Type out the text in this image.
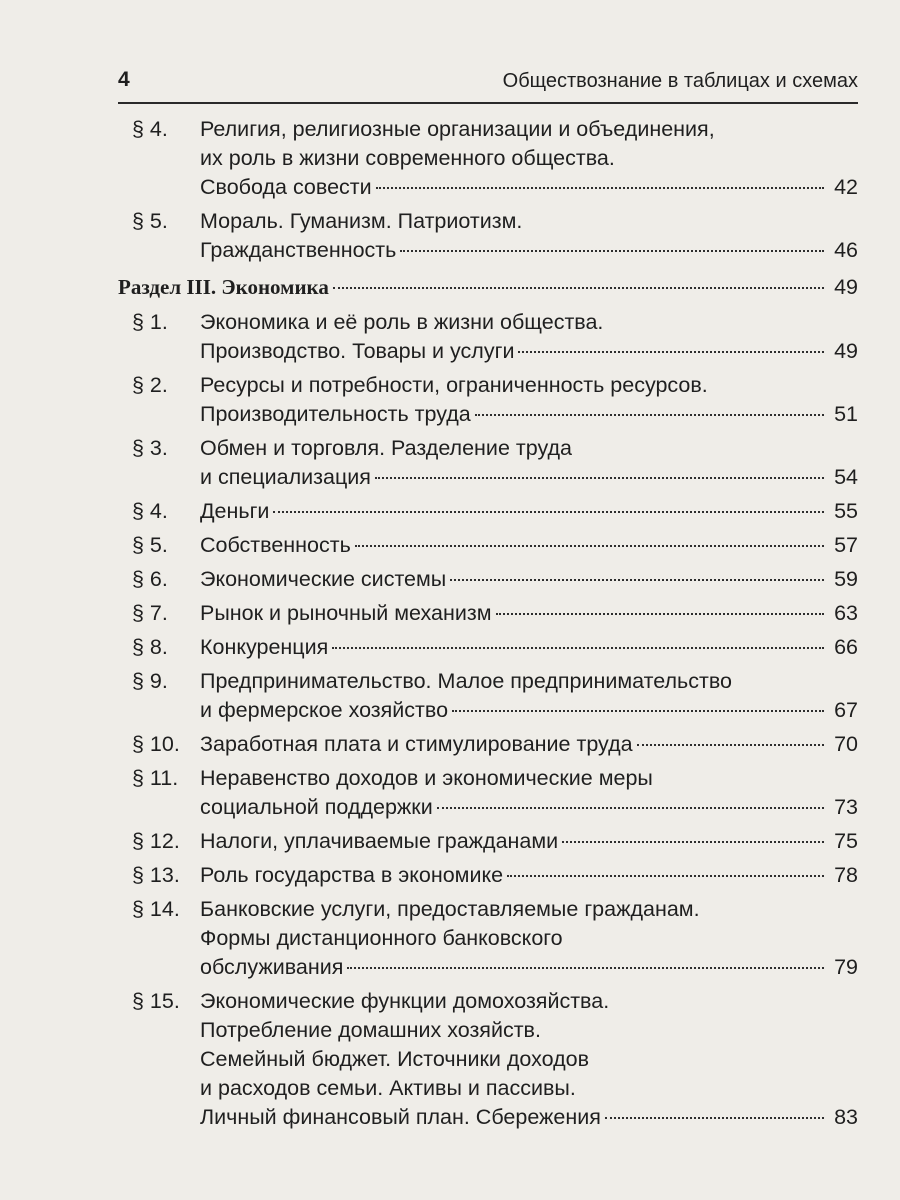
4	Обществознание в таблицах и схемах
§ 4.	Религия, религиозные организации и объединения,
их роль в жизни современного общества.
Свобода совести	42
§ 5.	Мораль. Гуманизм. Патриотизм.
Гражданственность	46
Раздел III. Экономика	49
§ 1.	Экономика и её роль в жизни общества.
Производство. Товары и услуги	49
§ 2.	Ресурсы и потребности, ограниченность ресурсов.
Производительность труда	51
§ 3.	Обмен и торговля. Разделение труда
и специализация	54
§ 4.	Деньги	55
§ 5.	Собственность	57
§ 6.	Экономические системы	59
§ 7.	Рынок и рыночный механизм	63
§ 8.	Конкуренция	66
§ 9.	Предпринимательство. Малое предпринимательство
и фермерское хозяйство	67
§ 10. Заработная плата и стимулирование труда	70
§ 11.	Неравенство доходов и экономические меры
социальной поддержки	73
§ 12. Налоги, уплачиваемые гражданами	75
§ 13. Роль государства в экономике	78
§ 14. Банковские услуги, предоставляемые гражданам.
Формы дистанционного банковского
обслуживания	79
§ 15. Экономические функции домохозяйства.
Потребление домашних хозяйств.
Семейный бюджет. Источники доходов
и расходов семьи. Активы и пассивы.
Личный финансовый план. Сбережения	83
